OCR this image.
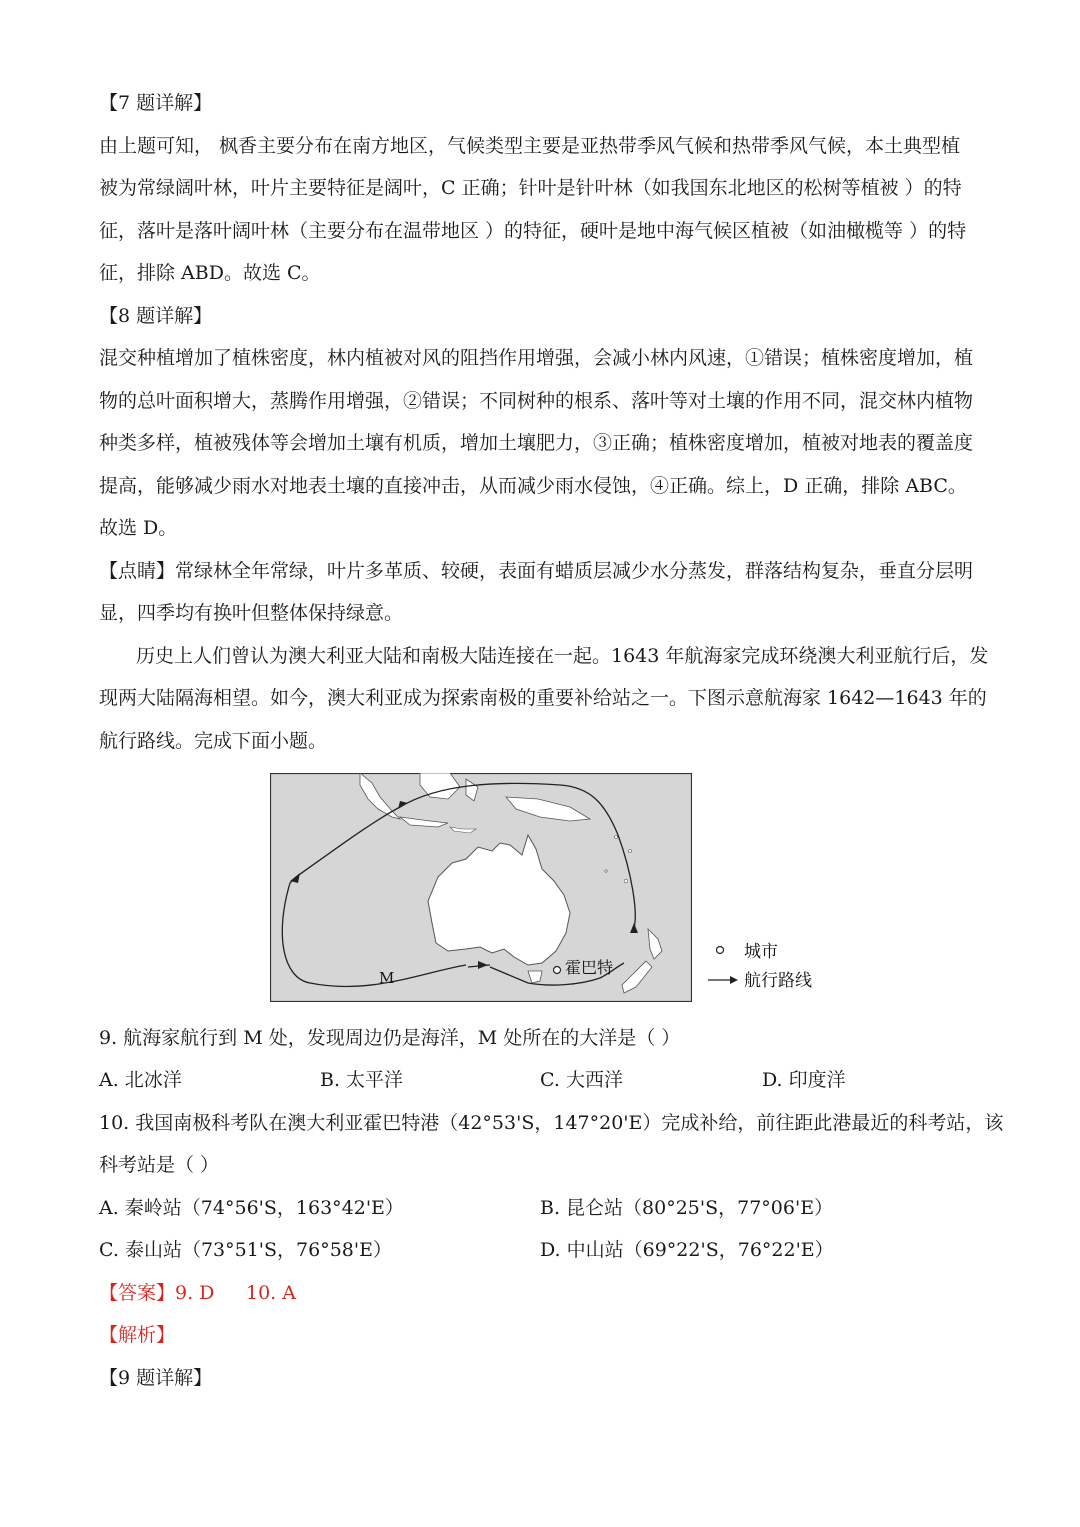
【7 题详解】
由上题可知， 枫香主要分布在南方地区，气候类型主要是亚热带季风气候和热带季风气候，本土典型植
被为常绿阔叶林，叶片主要特征是阔叶，C 正确；针叶是针叶林（如我国东北地区的松树等植被 ）的特
征，落叶是落叶阔叶林（主要分布在温带地区 ）的特征，硬叶是地中海气候区植被（如油橄榄等 ）的特
征，排除 ABD。故选 C。
【8 题详解】
混交种植增加了植株密度，林内植被对风的阻挡作用增强，会减小林内风速，①错误；植株密度增加，植
物的总叶面积增大，蒸腾作用增强，②错误；不同树种的根系、落叶等对土壤的作用不同，混交林内植物
种类多样，植被残体等会增加土壤有机质，增加土壤肥力，③正确；植株密度增加，植被对地表的覆盖度
提高，能够减少雨水对地表土壤的直接冲击，从而减少雨水侵蚀，④正确。综上，D 正确，排除 ABC。
故选 D。
【点睛】常绿林全年常绿，叶片多革质、较硬，表面有蜡质层减少水分蒸发，群落结构复杂，垂直分层明
显，四季均有换叶但整体保持绿意。
历史上人们曾认为澳大利亚大陆和南极大陆连接在一起。1643 年航海家完成环绕澳大利亚航行后，发
现两大陆隔海相望。如今，澳大利亚成为探索南极的重要补给站之一。下图示意航海家 1642—1643 年的
航行路线。完成下面小题。
霍巴特
M
城市
航行路线
9. 航海家航行到 M 处，发现周边仍是海洋，M 处所在的大洋是（ ）
A. 北冰洋	B. 太平洋	C. 大西洋	D. 印度洋
10. 我国南极科考队在澳大利亚霍巴特港（42°53'S，147°20'E）完成补给，前往距此港最近的科考站，该
科考站是（ ）
A. 秦岭站（74°56'S，163°42'E）	B. 昆仑站（80°25'S，77°06'E）
C. 泰山站（73°51'S，76°58'E）	D. 中山站（69°22'S，76°22'E）
【答案】9. D 10. A
【解析】
【9 题详解】
